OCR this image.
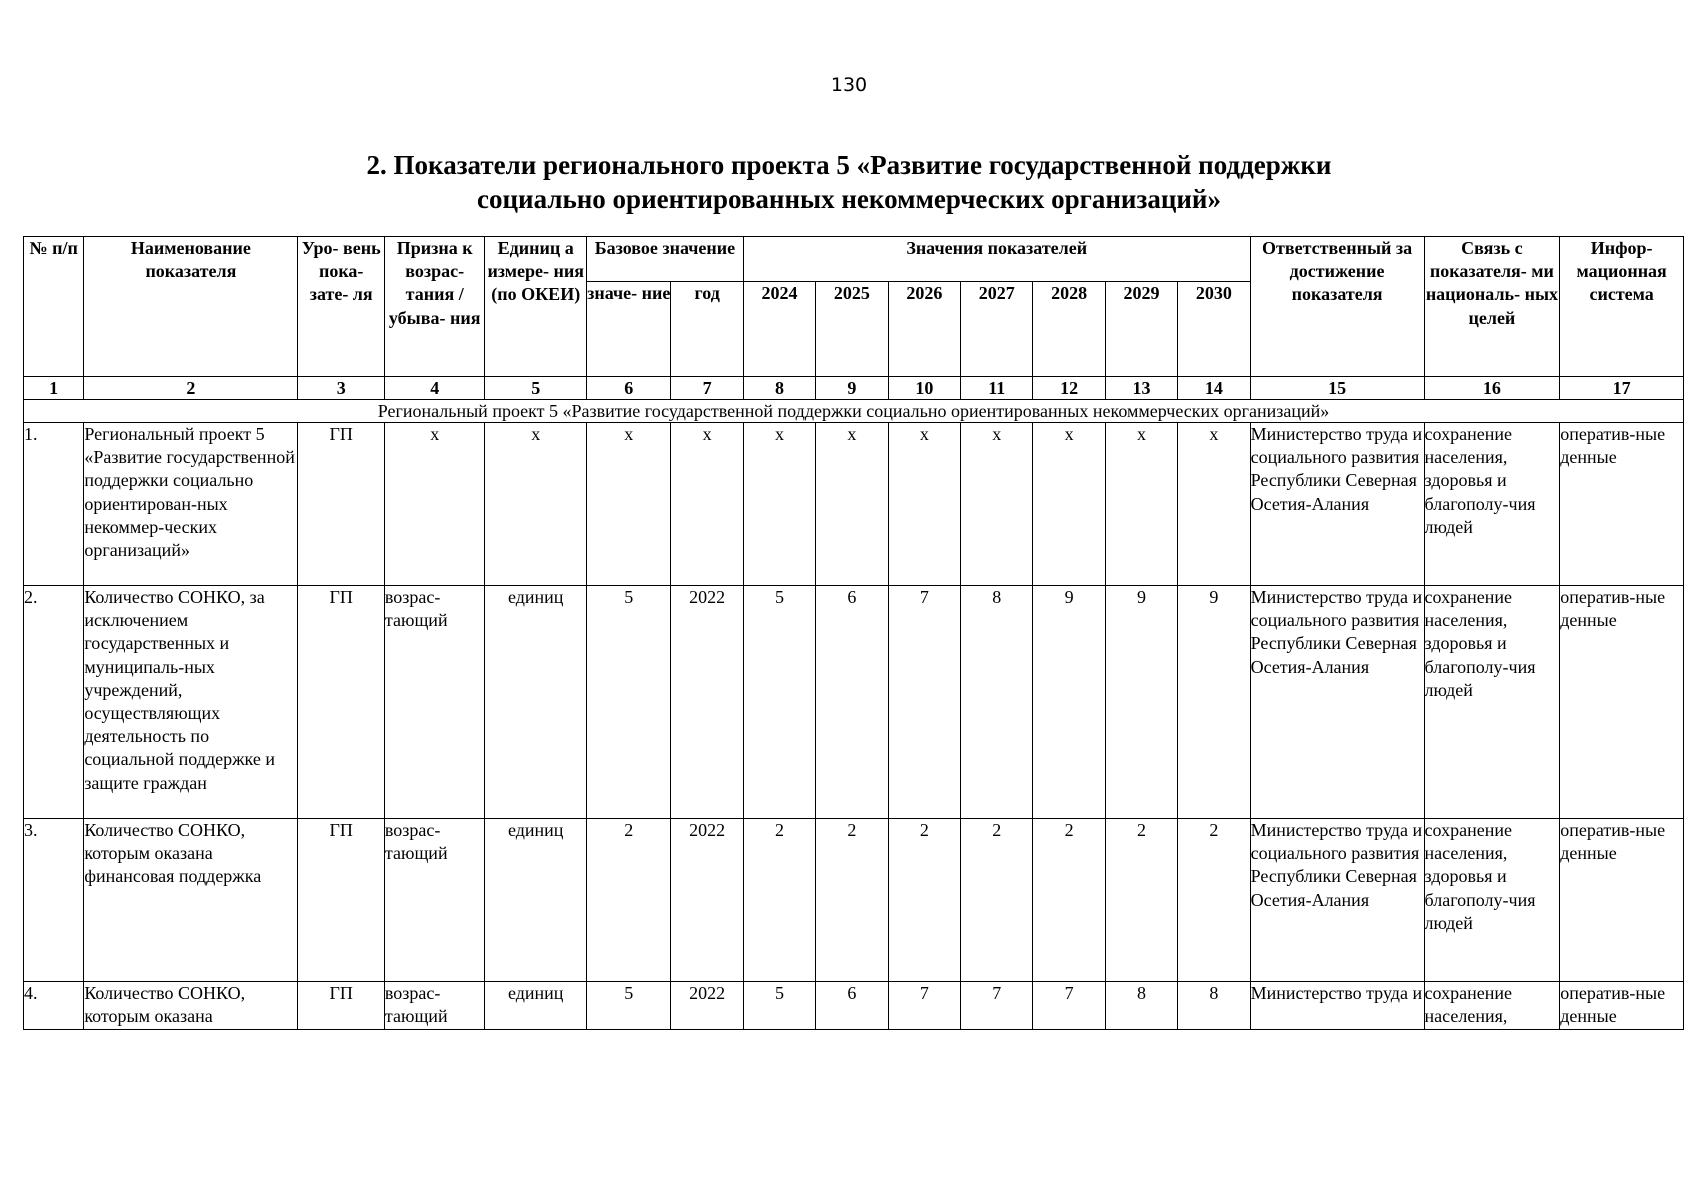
130
2. Показатели регионального проекта 5 «Развитие государственной поддержки
социально ориентированных некоммерческих организаций»
№ п/п	Наименование показателя	Уро- вень пока- зате- ля	Призна к возрас- тания / убыва- ния	Единиц а измере- ния (по ОКЕИ)	Базовое значение		Значения показателей							Ответственный за достижение показателя	Связь с показателя- ми националь- ных целей	Инфор- мационная система
					значе- ние	год	2024	2025	2026	2027	2028	2029	2030			
1	2	3	4	5	6	7	8	9	10	11	12	13	14	15	16	17
Региональный проект 5 «Развитие государственной поддержки социально ориентированных некоммерческих организаций»																
1.	Региональный проект 5 «Развитие государственной поддержки социально ориентирован-ных некоммер-ческих организаций»	ГП	х	х	х	х	х	х	х	х	х	х	х	Министерство труда и социального развития Республики Северная Осетия-Алания	сохранение населения, здоровья и благополу-чия людей	оператив-ные денные
2.	Количество СОНКО, за исключением государственных и муниципаль-ных учреждений, осуществляющих деятельность по социальной поддержке и защите граждан	ГП	возрас-тающий	единиц	5	2022	5	6	7	8	9	9	9	Министерство труда и социального развития Республики Северная Осетия-Алания	сохранение населения, здоровья и благополу-чия людей	оператив-ные денные
3.	Количество СОНКО, которым оказана финансовая поддержка	ГП	возрас-тающий	единиц	2	2022	2	2	2	2	2	2	2	Министерство труда и социального развития Республики Северная Осетия-Алания	сохранение населения, здоровья и благополу-чия людей	оператив-ные денные
4.	Количество СОНКО, которым оказана	ГП	возрас-тающий	единиц	5	2022	5	6	7	7	7	8	8	Министерство труда и	сохранение населения,	оператив-ные денные
